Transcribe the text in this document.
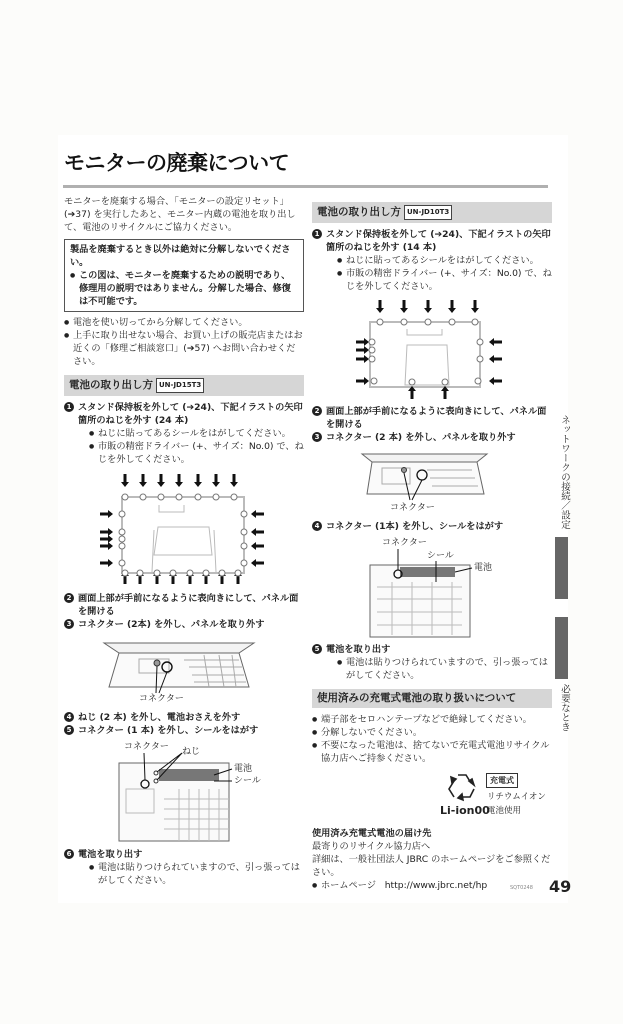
モニターの廃棄について

モニターを廃棄する場合、「モニターの設定リセット」(➔37) を実行したあと、モニター内蔵の電池を取り出して、電池のリサイクルにご協力ください。

製品を廃棄するとき以外は絶対に分解しないでください。

● この図は、モニターを廃棄するための説明であり、修理用の説明ではありません。分解した場合、修復は不可能です。

● 電池を使い切ってから分解してください。

● 上手に取り出せない場合、お買い上げの販売店またはお近くの「修理ご相談窓口」(➔57) へお問い合わせください。

電池の取り出し方 UN-JD15T3
1 スタンド保持板を外して (➔24)、下記イラストの矢印箇所のねじを外す (24 本)

● ねじに貼ってあるシールをはがしてください。

● 市販の精密ドライバー (+、サイズ：No.0) で、ねじを外してください。

2 画面上部が手前になるように表向きにして、パネル面を開ける
3 コネクター (2本) を外し、パネルを取り外す
コネクター
4 ねじ (2 本) を外し、電池おさえを外す
5 コネクター (1 本) を外し、シールをはがす
コネクター ねじ
電池
シール
6 電池を取り出す

● 電池は貼りつけられていますので、引っ張ってはがしてください。

電池の取り出し方 UN-JD10T3
1 スタンド保持板を外して (➔24)、下記イラストの矢印箇所のねじを外す (14 本)

● ねじに貼ってあるシールをはがしてください。

● 市販の精密ドライバー (+、サイズ：No.0) で、ねじを外してください。

2 画面上部が手前になるように表向きにして、パネル面を開ける
3 コネクター (2 本) を外し、パネルを取り外す
コネクター
4 コネクター (1本) を外し、シールをはがす
コネクター
シール
電池
5 電池を取り出す

● 電池は貼りつけられていますので、引っ張ってはがしてください。

使用済みの充電式電池の取り扱いについて

● 端子部をセロハンテープなどで絶縁してください。

● 分解しないでください。

● 不要になった電池は、捨てないで充電式電池リサイクル協力店へご持参ください。

Li-ion00
充電式
リチウムイオン
電池使用

使用済み充電式電池の届け先

最寄りのリサイクル協力店へ

詳細は、一般社団法人 JBRC のホームページをご参照ください。

● ホームページ http://www.jbrc.net/hp	SQT0248 49
ネットワークの接続／設定
必要なとき
